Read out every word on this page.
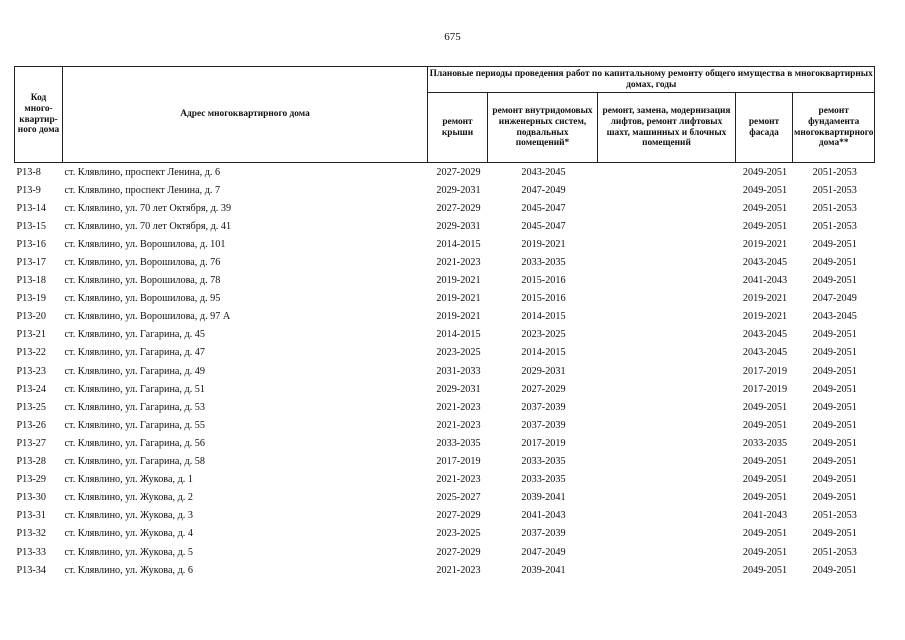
675
Код много-квартир-ного дома	Адрес многоквартирного дома	Плановые периоды проведения работ по капитальному ремонту общего имущества в многоквартирных домах, годы				
		ремонт крыши	ремонт внутридомовых инженерных систем, подвальных помещений*	ремонт, замена, модернизация лифтов, ремонт лифтовых шахт, машинных и блочных помещений	ремонт фасада	ремонт фундамента многоквартирного дома**
Р13-8	ст. Клявлино, проспект Ленина, д. 6	2027-2029	2043-2045		2049-2051	2051-2053
Р13-9	ст. Клявлино, проспект Ленина, д. 7	2029-2031	2047-2049		2049-2051	2051-2053
Р13-14	ст. Клявлино, ул. 70 лет Октября, д. 39	2027-2029	2045-2047		2049-2051	2051-2053
Р13-15	ст. Клявлино, ул. 70 лет Октября, д. 41	2029-2031	2045-2047		2049-2051	2051-2053
Р13-16	ст. Клявлино, ул. Ворошилова, д. 101	2014-2015	2019-2021		2019-2021	2049-2051
Р13-17	ст. Клявлино, ул. Ворошилова, д. 76	2021-2023	2033-2035		2043-2045	2049-2051
Р13-18	ст. Клявлино, ул. Ворошилова, д. 78	2019-2021	2015-2016		2041-2043	2049-2051
Р13-19	ст. Клявлино, ул. Ворошилова, д. 95	2019-2021	2015-2016		2019-2021	2047-2049
Р13-20	ст. Клявлино, ул. Ворошилова, д. 97 А	2019-2021	2014-2015		2019-2021	2043-2045
Р13-21	ст. Клявлино, ул. Гагарина, д. 45	2014-2015	2023-2025		2043-2045	2049-2051
Р13-22	ст. Клявлино, ул. Гагарина, д. 47	2023-2025	2014-2015		2043-2045	2049-2051
Р13-23	ст. Клявлино, ул. Гагарина, д. 49	2031-2033	2029-2031		2017-2019	2049-2051
Р13-24	ст. Клявлино, ул. Гагарина, д. 51	2029-2031	2027-2029		2017-2019	2049-2051
Р13-25	ст. Клявлино, ул. Гагарина, д. 53	2021-2023	2037-2039		2049-2051	2049-2051
Р13-26	ст. Клявлино, ул. Гагарина, д. 55	2021-2023	2037-2039		2049-2051	2049-2051
Р13-27	ст. Клявлино, ул. Гагарина, д. 56	2033-2035	2017-2019		2033-2035	2049-2051
Р13-28	ст. Клявлино, ул. Гагарина, д. 58	2017-2019	2033-2035		2049-2051	2049-2051
Р13-29	ст. Клявлино, ул. Жукова, д. 1	2021-2023	2033-2035		2049-2051	2049-2051
Р13-30	ст. Клявлино, ул. Жукова, д. 2	2025-2027	2039-2041		2049-2051	2049-2051
Р13-31	ст. Клявлино, ул. Жукова, д. 3	2027-2029	2041-2043		2041-2043	2051-2053
Р13-32	ст. Клявлино, ул. Жукова, д. 4	2023-2025	2037-2039		2049-2051	2049-2051
Р13-33	ст. Клявлино, ул. Жукова, д. 5	2027-2029	2047-2049		2049-2051	2051-2053
Р13-34	ст. Клявлино, ул. Жукова, д. 6	2021-2023	2039-2041		2049-2051	2049-2051
